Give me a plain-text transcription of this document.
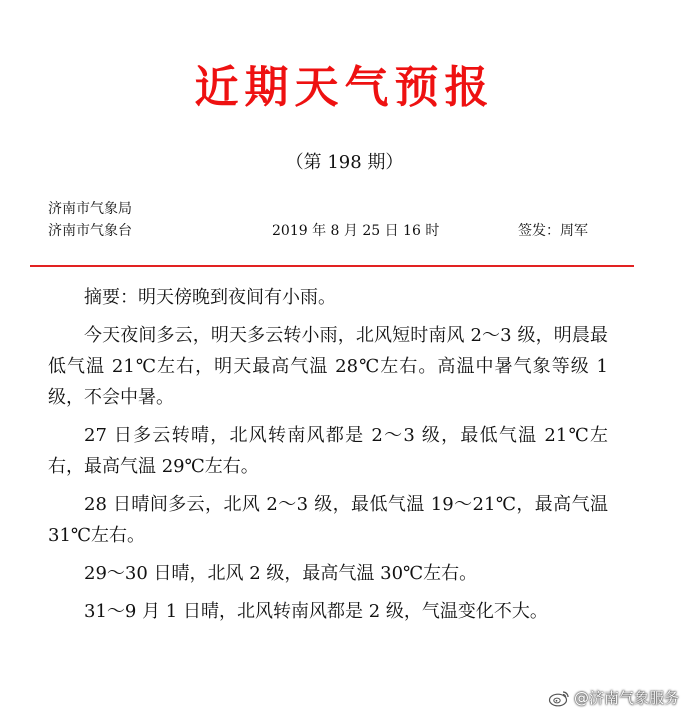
近期天气预报
（第 198 期）
济南市气象局
济南市气象台	2019 年 8 月 25 日 16 时	签发：周军

摘要：明天傍晚到夜间有小雨。

今天夜间多云，明天多云转小雨，北风短时南风 2～3 级，明晨最低气温 21℃左右，明天最高气温 28℃左右。高温中暑气象等级 1 级，不会中暑。

27 日多云转晴，北风转南风都是 2～3 级，最低气温 21℃左右，最高气温 29℃左右。

28 日晴间多云，北风 2～3 级，最低气温 19～21℃，最高气温 31℃左右。

29～30 日晴，北风 2 级，最高气温 30℃左右。

31～9 月 1 日晴，北风转南风都是 2 级，气温变化不大。

@济南气象服务
